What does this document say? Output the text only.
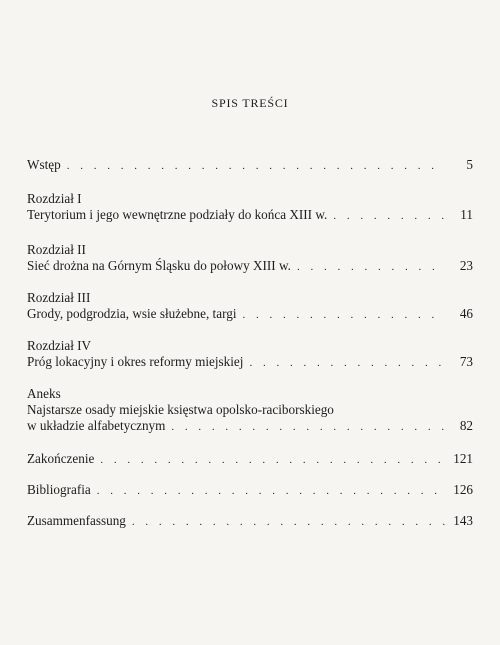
SPIS TREŚCI
Wstęp . . .	5
Rozdział I
Terytorium i jego wewnętrzne podziały do końca XIII w. . . .	11
Rozdział II
Sieć drożna na Górnym Śląsku do połowy XIII w. . . .	23
Rozdział III
Grody, podgrodzia, wsie służebne, targi . . .	46
Rozdział IV
Próg lokacyjny i okres reformy miejskiej . . .	73
Aneks
Najstarsze osady miejskie księstwa opolsko-raciborskiego
w układzie alfabetycznym . . .	82
Zakończenie . . .	121
Bibliografia . . .	126
Zusammenfassung . . .	143
